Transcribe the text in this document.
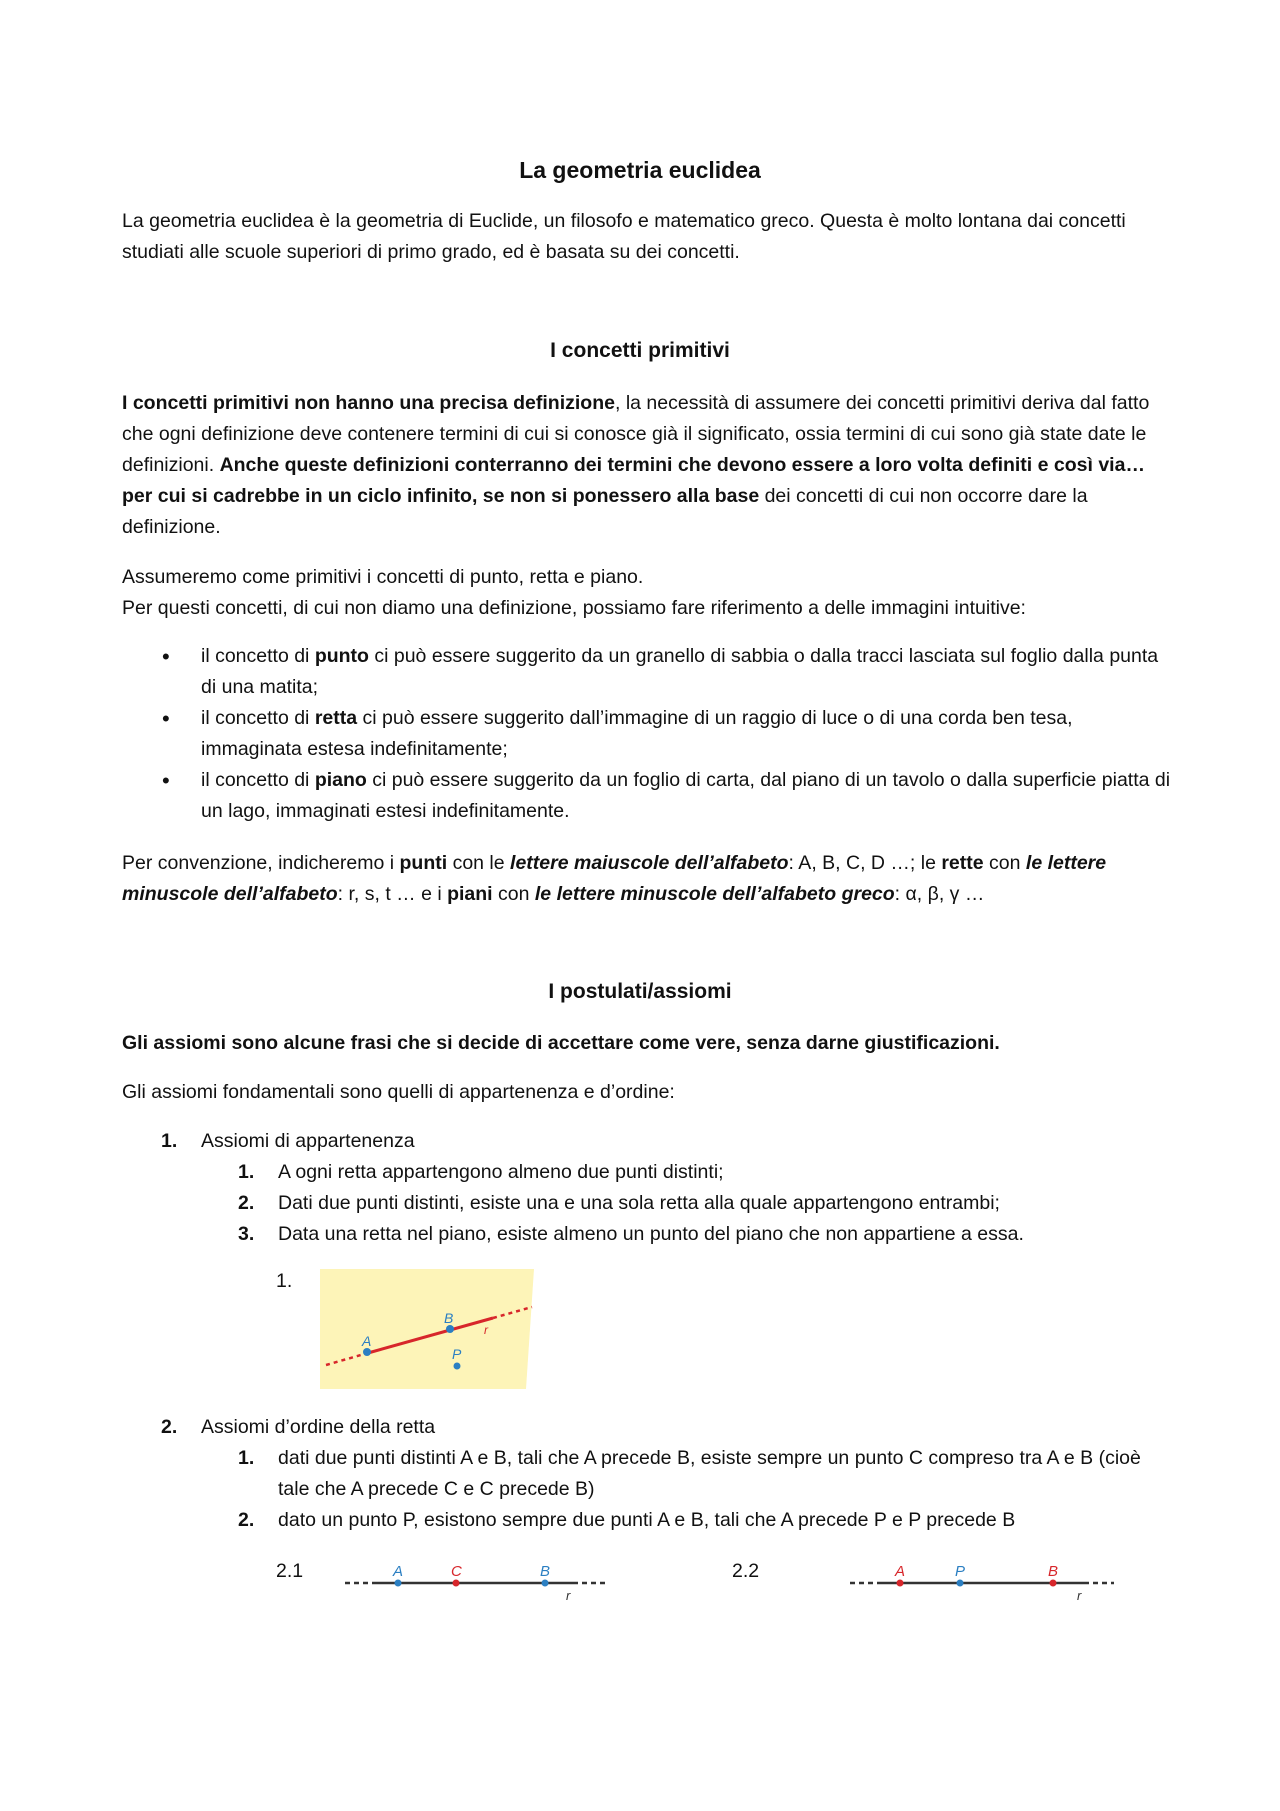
La geometria euclidea

La geometria euclidea è la geometria di Euclide, un filosofo e matematico greco. Questa è molto lontana dai concetti studiati alle scuole superiori di primo grado, ed è basata su dei concetti.

I concetti primitivi

I concetti primitivi non hanno una precisa definizione, la necessità di assumere dei concetti primitivi deriva dal fatto che ogni definizione deve contenere termini di cui si conosce già il significato, ossia termini di cui sono già state date le definizioni. Anche queste definizioni conterranno dei termini che devono essere a loro volta definiti e così via… per cui si cadrebbe in un ciclo infinito, se non si ponessero alla base dei concetti di cui non occorre dare la definizione.

Assumeremo come primitivi i concetti di punto, retta e piano.
Per questi concetti, di cui non diamo una definizione, possiamo fare riferimento a delle immagini intuitive:

• il concetto di punto ci può essere suggerito da un granello di sabbia o dalla tracci lasciata sul foglio dalla punta di una matita;
• il concetto di retta ci può essere suggerito dall’immagine di un raggio di luce o di una corda ben tesa, immaginata estesa indefinitamente;
• il concetto di piano ci può essere suggerito da un foglio di carta, dal piano di un tavolo o dalla superficie piatta di un lago, immaginati estesi indefinitamente.

Per convenzione, indicheremo i punti con le lettere maiuscole dell’alfabeto: A, B, C, D …; le rette con le lettere minuscole dell’alfabeto: r, s, t … e i piani con le lettere minuscole dell’alfabeto greco: α, β, γ …

I postulati/assiomi

Gli assiomi sono alcune frasi che si decide di accettare come vere, senza darne giustificazioni.

Gli assiomi fondamentali sono quelli di appartenenza e d’ordine:

1. Assiomi di appartenenza
1. A ogni retta appartengono almeno due punti distinti;
2. Dati due punti distinti, esiste una e una sola retta alla quale appartengono entrambi;
3. Data una retta nel piano, esiste almeno un punto del piano che non appartiene a essa.
1.
A
B
P
r
2. Assiomi d’ordine della retta
1. dati due punti distinti A e B, tali che A precede B, esiste sempre un punto C compreso tra A e B (cioè tale che A precede C e C precede B)
2. dato un punto P, esistono sempre due punti A e B, tali che A precede P e P precede B
2.1	A	C	B
r
2.2	A	P	B
r
